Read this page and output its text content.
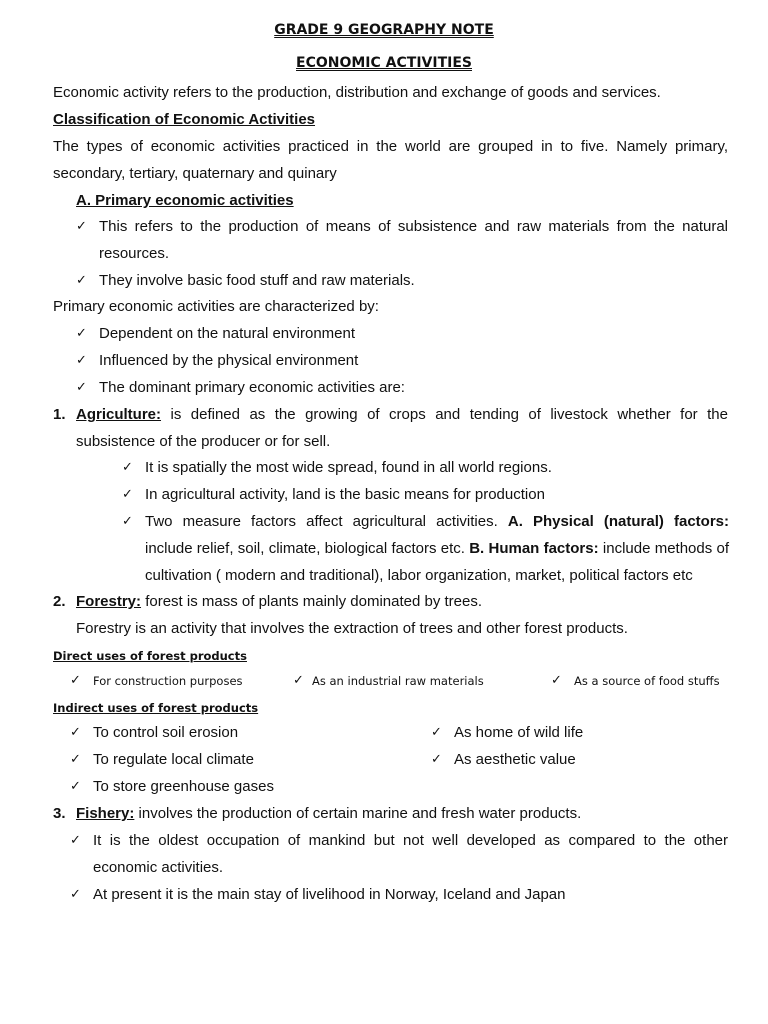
GRADE 9 GEOGRAPHY NOTE
ECONOMIC ACTIVITIES
Economic activity refers to the production, distribution and exchange of goods and services.
Classification of Economic Activities
The types of economic activities practiced in the world are grouped in to five. Namely primary,
secondary, tertiary, quaternary and quinary
A. Primary economic activities
✓ This refers to the production of means of subsistence and raw materials from the natural
resources.
✓ They involve basic food stuff and raw materials.
Primary economic activities are characterized by:
✓ Dependent on the natural environment
✓ Influenced by the physical environment
✓ The dominant primary economic activities are:
1. Agriculture: is defined as the growing of crops and tending of livestock whether for the
subsistence of the producer or for sell.
✓ It is spatially the most wide spread, found in all world regions.
✓ In agricultural activity, land is the basic means for production
✓ Two measure factors affect agricultural activities. A. Physical (natural) factors:
include relief, soil, climate, biological factors etc. B. Human factors: include methods of
cultivation ( modern and traditional), labor organization, market, political factors etc
2. Forestry: forest is mass of plants mainly dominated by trees.
Forestry is an activity that involves the extraction of trees and other forest products.
Direct uses of forest products
✓ For construction purposes	✓ As an industrial raw materials	✓ As a source of food stuffs
Indirect uses of forest products
✓ To control soil erosion	✓ As home of wild life
✓ To regulate local climate	✓ As aesthetic value
✓ To store greenhouse gases
3. Fishery: involves the production of certain marine and fresh water products.
✓ It is the oldest occupation of mankind but not well developed as compared to the other
economic activities.
✓ At present it is the main stay of livelihood in Norway, Iceland and Japan
